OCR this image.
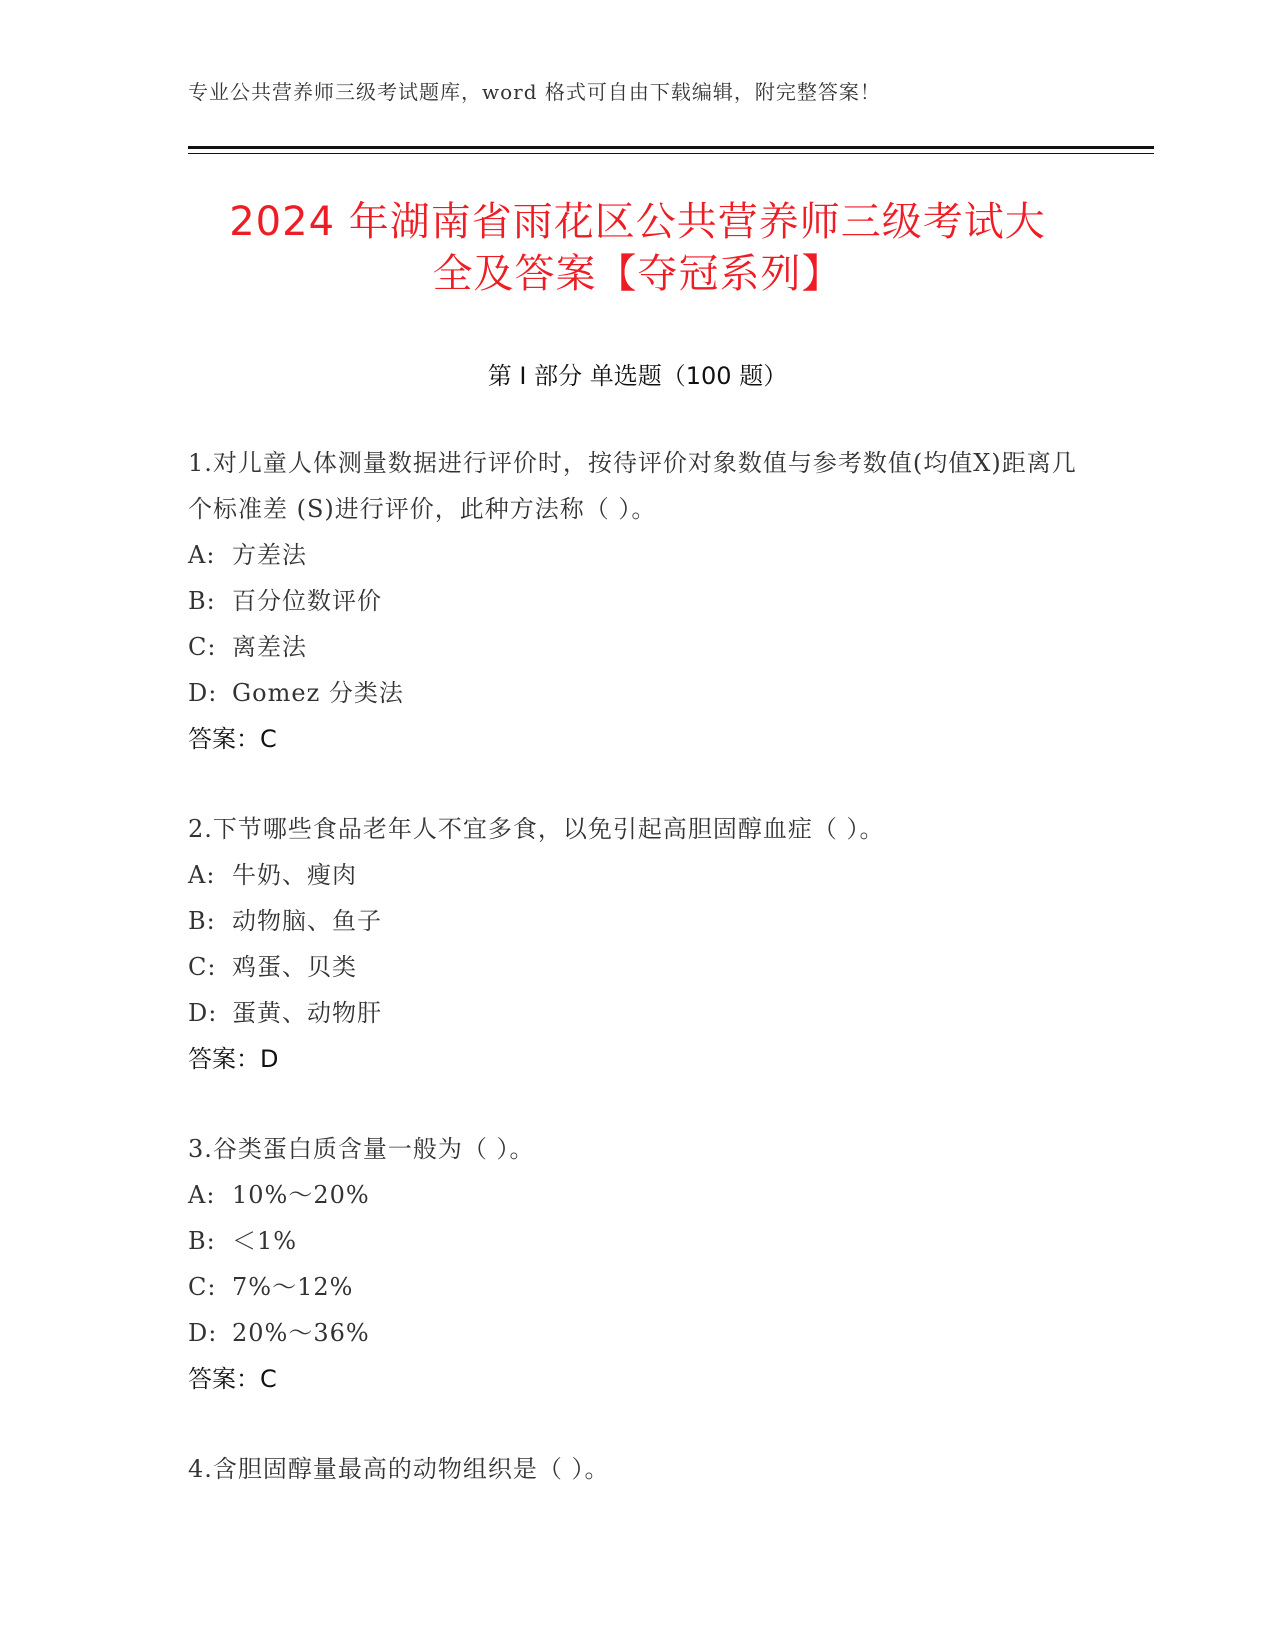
专业公共营养师三级考试题库，word 格式可自由下载编辑，附完整答案！
2024 年湖南省雨花区公共营养师三级考试大
全及答案【夺冠系列】
第 I 部分 单选题（100 题）
1.对儿童人体测量数据进行评价时，按待评价对象数值与参考数值(均值X)距离几个标准差 (S)进行评价，此种方法称（ ）。
A: 方差法
B: 百分位数评价
C: 离差法
D: Gomez 分类法
答案：C
2.下节哪些食品老年人不宜多食，以免引起高胆固醇血症（ ）。
A: 牛奶、瘦肉
B: 动物脑、鱼子
C: 鸡蛋、贝类
D: 蛋黄、动物肝
答案：D
3.谷类蛋白质含量一般为（ ）。
A: 10%～20%
B: ＜1%
C: 7%～12%
D: 20%～36%
答案：C
4.含胆固醇量最高的动物组织是（ ）。
